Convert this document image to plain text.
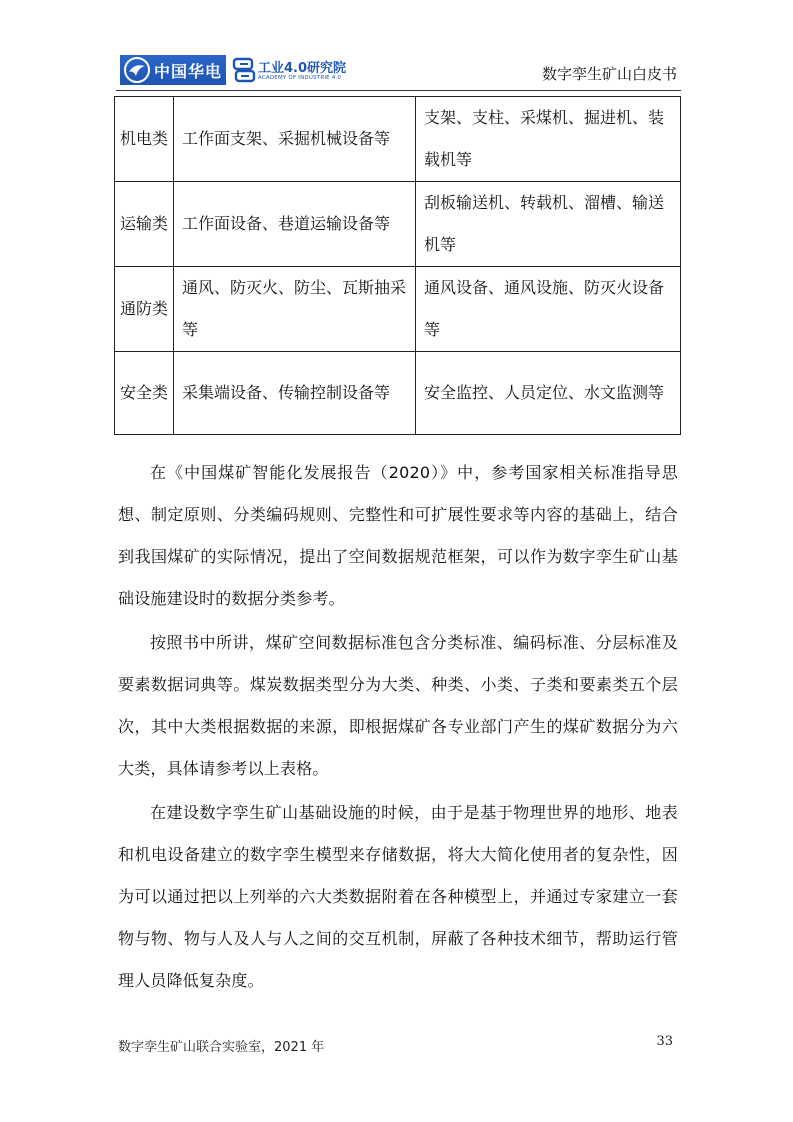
中国华电	工业4.0研究院
ACADEMY OF INDUSTRIE 4.0	数字孪生矿山白皮书
机电类	工作面支架、采掘机械设备等	支架、支柱、采煤机、掘进机、装载机等
运输类	工作面设备、巷道运输设备等	刮板输送机、转载机、溜槽、输送机等
通防类	通风、防灭火、防尘、瓦斯抽采等	通风设备、通风设施、防灭火设备等
安全类	采集端设备、传输控制设备等	安全监控、人员定位、水文监测等

在《中国煤矿智能化发展报告（2020）》中，参考国家相关标准指导思想、制定原则、分类编码规则、完整性和可扩展性要求等内容的基础上，结合到我国煤矿的实际情况，提出了空间数据规范框架，可以作为数字孪生矿山基础设施建设时的数据分类参考。

按照书中所讲，煤矿空间数据标准包含分类标准、编码标准、分层标准及要素数据词典等。煤炭数据类型分为大类、种类、小类、子类和要素类五个层次，其中大类根据数据的来源，即根据煤矿各专业部门产生的煤矿数据分为六大类，具体请参考以上表格。

在建设数字孪生矿山基础设施的时候，由于是基于物理世界的地形、地表和机电设备建立的数字孪生模型来存储数据，将大大简化使用者的复杂性，因为可以通过把以上列举的六大类数据附着在各种模型上，并通过专家建立一套物与物、物与人及人与人之间的交互机制，屏蔽了各种技术细节，帮助运行管理人员降低复杂度。

数字孪生矿山联合实验室，2021 年	33
